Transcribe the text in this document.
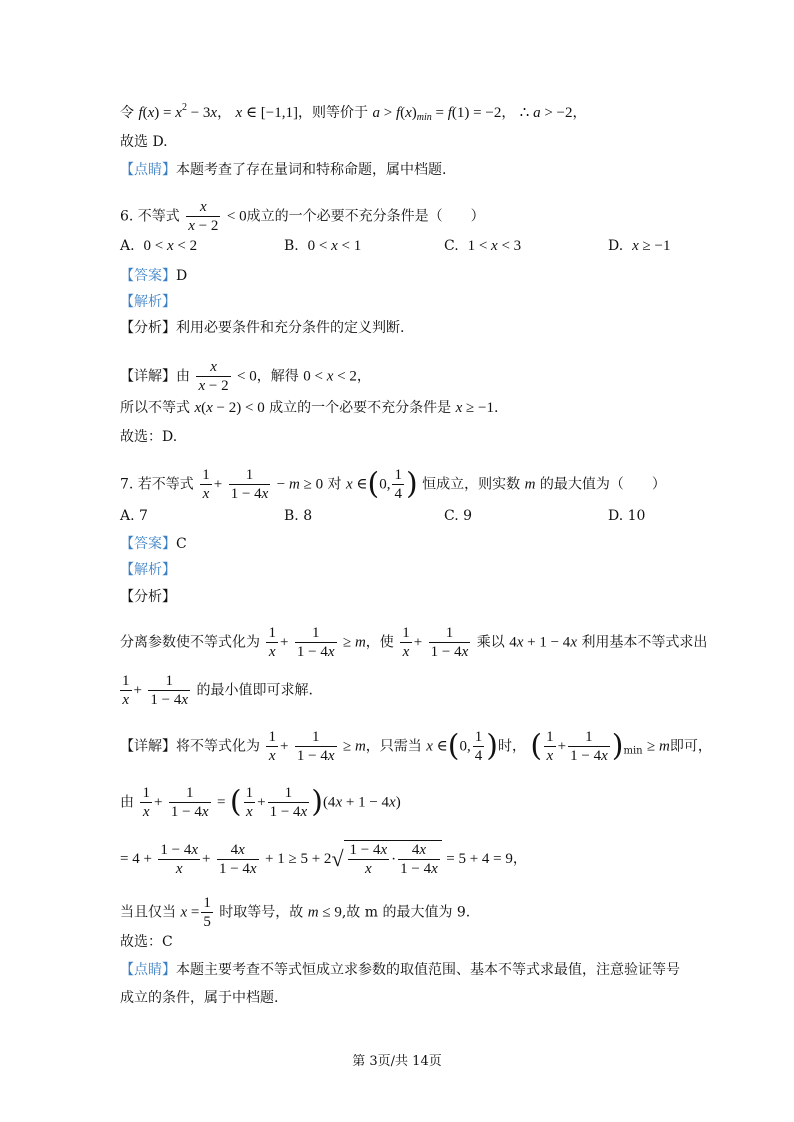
令 $f(x) = x^2 - 3x$， x ∈ [−1,1]，则等价于 $a > f(x)_{min} = f(1) = -2$， ∴ a > −2，
故选 D.
【点睛】本题考查了存在量词和特称命题，属中档题.
6. 不等式 $\frac{x}{x - 2} < 0$成立的一个必要不充分条件是（　　）
A. 0 < x < 2	B. 0 < x < 1	C. 1 < x < 3	D. x ≥ −1
【答案】D
【解析】
【分析】利用必要条件和充分条件的定义判断.
【详解】由 $\frac{x}{x - 2} < 0$，解得 0 < x < 2，
所以不等式 x(x − 2) < 0 成立的一个必要不充分条件是 x ≥ −1.
故选：D.
7. 若不等式 $\frac{1}{x} + \frac{1}{1 - 4x} - m \ge 0$ 对 x ∈(0, $\frac{1}{4}$ ) 恒成立，则实数 m 的最大值为（　　）
A. 7	B. 8	C. 9	D. 10
【答案】C
【解析】
【分析】
分离参数使不等式化为 $\frac{1}{x} + \frac{1}{1 - 4x} \ge m$，使 $\frac{1}{x} + \frac{1}{1 - 4x}$ 乘以 4x + 1 − 4x 利用基本不等式求出
$\frac{1}{x} + \frac{1}{1 - 4x}$ 的最小值即可求解.
【详解】将不等式化为 $\frac{1}{x} + \frac{1}{1 - 4x} \ge m$，只需当 x ∈(0, $\frac{1}{4}$ )时， ( $\frac{1}{x} + \frac{1}{1 - 4x} )_{min} \ge m$即可，
由 $\frac{1}{x} + \frac{1}{1 - 4x}$ = ( $\frac{1}{x} + \frac{1}{1 - 4x} )(4x + 1 - 4x)$
= $4 + \frac{1 - 4x}{x} + \frac{4x}{1 - 4x} + 1 \ge 5 + 2√ \frac{1 - 4x}{x} \cdot \frac{4x}{1 - 4x} = 5 + 4 = 9$，
当且仅当 $x = \frac{1}{5}$ 时取等号，故 m ≤ 9,故 m 的最大值为 9.
故选：C
【点睛】本题主要考查不等式恒成立求参数的取值范围、基本不等式求最值，注意验证等号
成立的条件，属于中档题.
第 3页/共 14页
